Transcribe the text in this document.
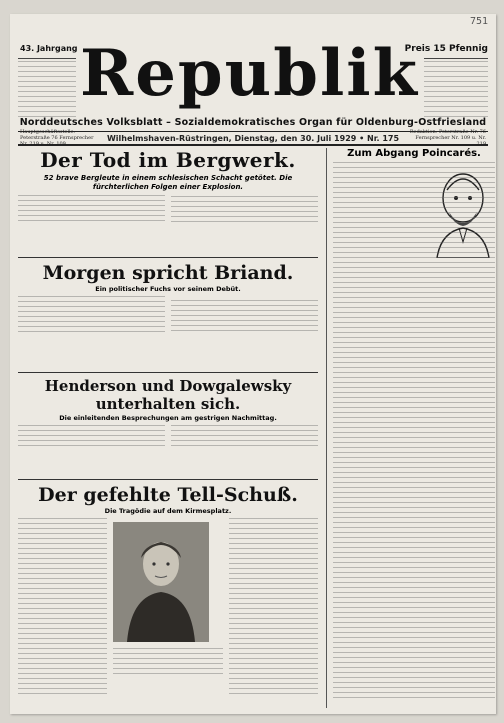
751
43. Jahrgang Republik
Preis 15 Pfennig
Norddeutsches Volksblatt – Sozialdemokratisches Organ für Oldenburg-Ostfriesland
Hauptgeschäftsstelle: Peterstraße 76 Fernsprecher Nr. 219 u. Nr. 109
Wilhelmshaven-Rüstringen, Dienstag, den 30. Juli 1929 • Nr. 175
Redaktion: Peterstraße Nr. 76 Fernsprecher Nr. 109 u. Nr. 219
Der Tod im Bergwerk.
52 brave Bergleute in einem schlesischen Schacht getötet. Die fürchterlichen Folgen einer Explosion.
Morgen spricht Briand.
Ein politischer Fuchs vor seinem Debüt.
Henderson und Dowgalewsky unterhalten sich.
Die einleitenden Besprechungen am gestrigen Nachmittag.
Der gefehlte Tell-Schuß.
Die Tragödie auf dem Kirmesplatz.
Zum Abgang Poincarés.
